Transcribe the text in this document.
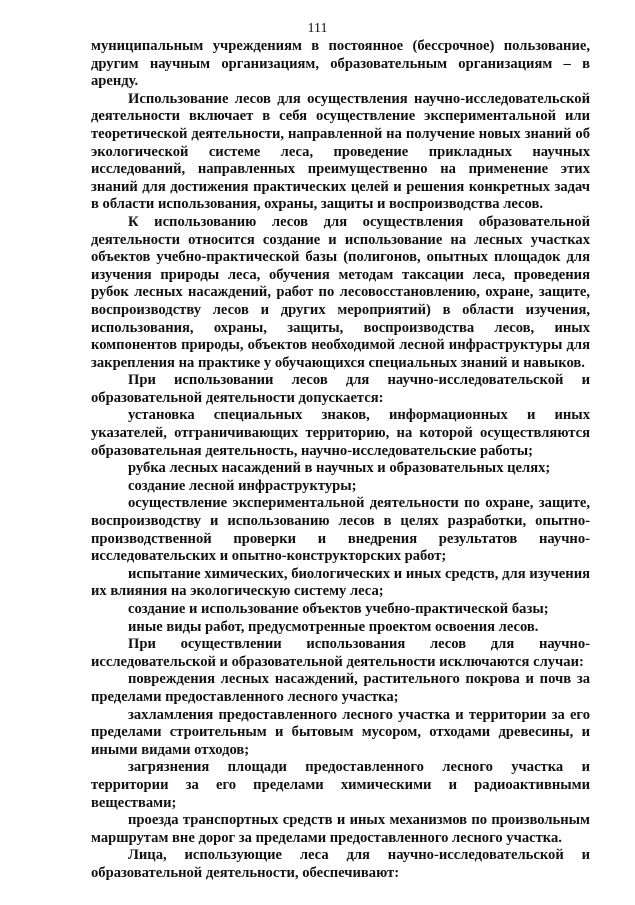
111

муниципальным учреждениям в постоянное (бессрочное) пользование, другим научным организациям, образовательным организациям – в аренду.

Использование лесов для осуществления научно-исследовательской деятельности включает в себя осуществление экспериментальной или теоретической деятельности, направленной на получение новых знаний об экологической системе леса, проведение прикладных научных исследований, направленных преимущественно на применение этих знаний для достижения практических целей и решения конкретных задач в области использования, охраны, защиты и воспроизводства лесов.

К использованию лесов для осуществления образовательной деятельности относится создание и использование на лесных участках объектов учебно-практической базы (полигонов, опытных площадок для изучения природы леса, обучения методам таксации леса, проведения рубок лесных насаждений, работ по лесовосстановлению, охране, защите, воспроизводству лесов и других мероприятий) в области изучения, использования, охраны, защиты, воспроизводства лесов, иных компонентов природы, объектов необходимой лесной инфраструктуры для закрепления на практике у обучающихся специальных знаний и навыков.

При использовании лесов для научно-исследовательской и образовательной деятельности допускается:

установка специальных знаков, информационных и иных указателей, отграничивающих территорию, на которой осуществляются образовательная деятельность, научно-исследовательские работы;

рубка лесных насаждений в научных и образовательных целях;

создание лесной инфраструктуры;

осуществление экспериментальной деятельности по охране, защите, воспроизводству и использованию лесов в целях разработки, опытно-производственной проверки и внедрения результатов научно-исследовательских и опытно-конструкторских работ;

испытание химических, биологических и иных средств, для изучения их влияния на экологическую систему леса;

создание и использование объектов учебно-практической базы;

иные виды работ, предусмотренные проектом освоения лесов.

При осуществлении использования лесов для научно-исследовательской и образовательной деятельности исключаются случаи:

повреждения лесных насаждений, растительного покрова и почв за пределами предоставленного лесного участка;

захламления предоставленного лесного участка и территории за его пределами строительным и бытовым мусором, отходами древесины, и иными видами отходов;

загрязнения площади предоставленного лесного участка и территории за его пределами химическими и радиоактивными веществами;

проезда транспортных средств и иных механизмов по произвольным маршрутам вне дорог за пределами предоставленного лесного участка.

Лица, использующие леса для научно-исследовательской и образовательной деятельности, обеспечивают:
